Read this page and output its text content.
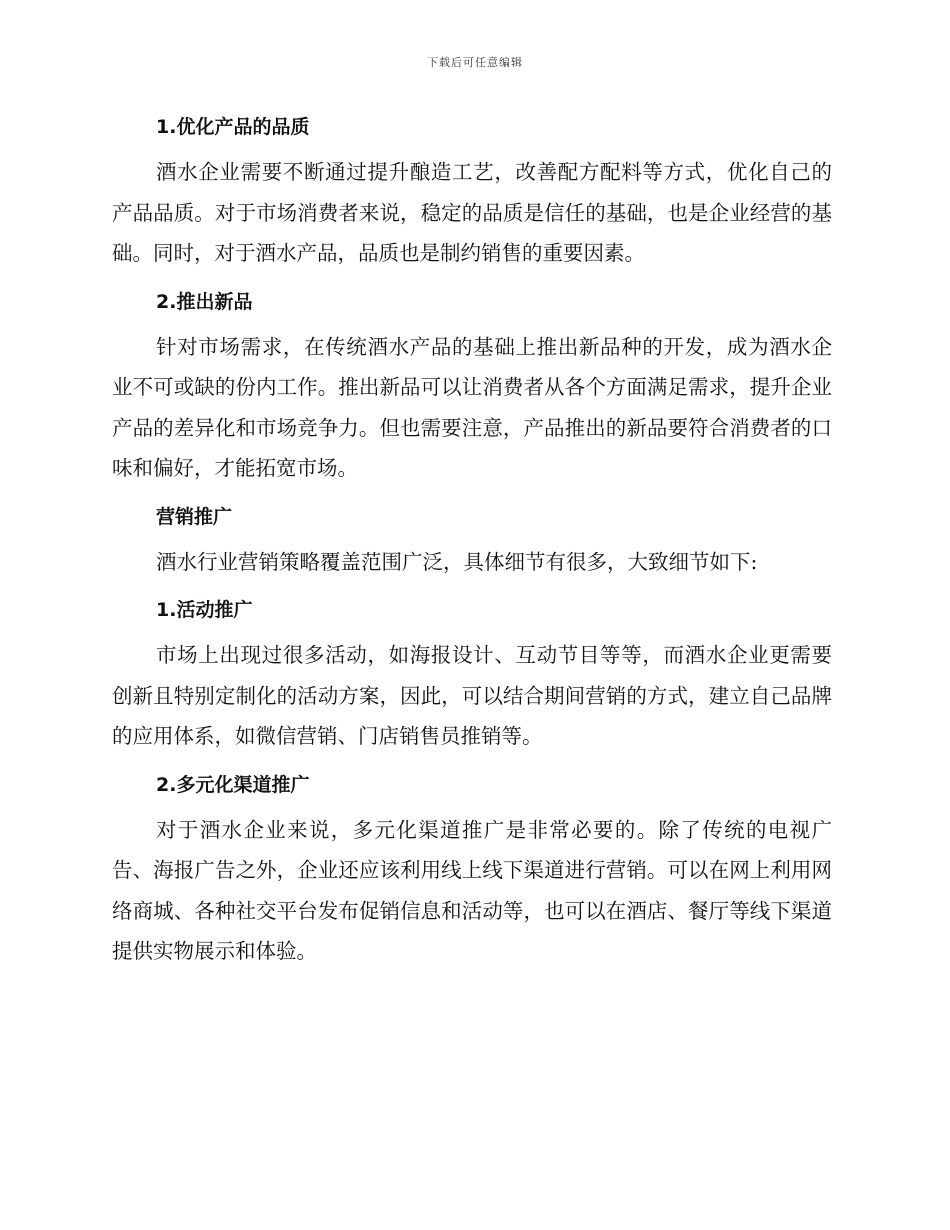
下载后可任意编辑
1.优化产品的品质

酒水企业需要不断通过提升酿造工艺，改善配方配料等方式，优化自己的产品品质。对于市场消费者来说，稳定的品质是信任的基础，也是企业经营的基础。同时，对于酒水产品，品质也是制约销售的重要因素。

2.推出新品

针对市场需求，在传统酒水产品的基础上推出新品种的开发，成为酒水企业不可或缺的份内工作。推出新品可以让消费者从各个方面满足需求，提升企业产品的差异化和市场竞争力。但也需要注意，产品推出的新品要符合消费者的口味和偏好，才能拓宽市场。

营销推广

酒水行业营销策略覆盖范围广泛，具体细节有很多，大致细节如下:

1.活动推广

市场上出现过很多活动，如海报设计、互动节目等等，而酒水企业更需要创新且特别定制化的活动方案，因此，可以结合期间营销的方式，建立自己品牌的应用体系，如微信营销、门店销售员推销等。

2.多元化渠道推广

对于酒水企业来说，多元化渠道推广是非常必要的。除了传统的电视广告、海报广告之外，企业还应该利用线上线下渠道进行营销。可以在网上利用网络商城、各种社交平台发布促销信息和活动等，也可以在酒店、餐厅等线下渠道提供实物展示和体验。
